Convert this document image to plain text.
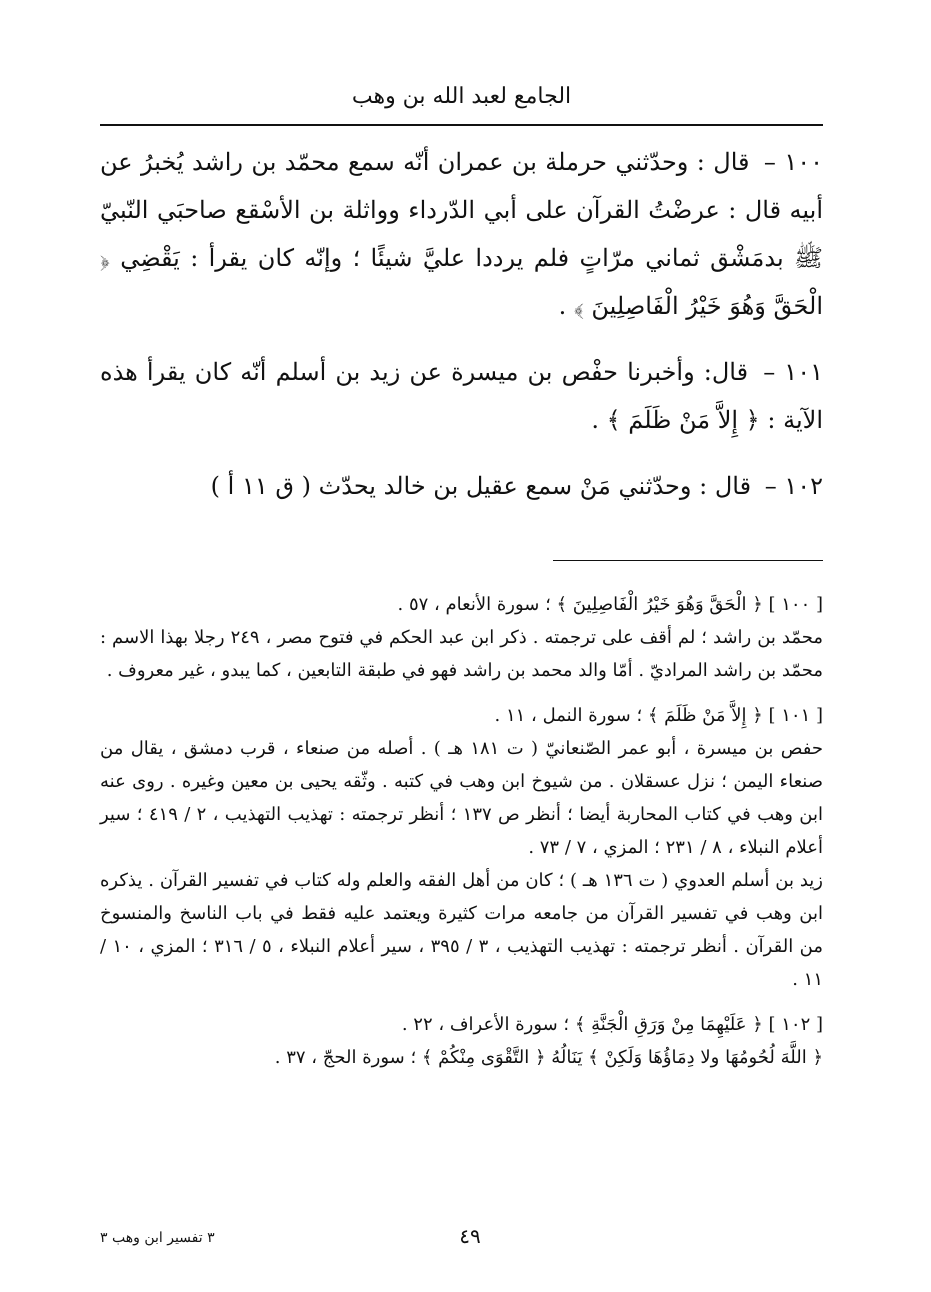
الجامع لعبد الله بن وهب

١٠٠ – قال : وحدّثني حرملة بن عمران أنّه سمع محمّد بن راشد يُخبرُ عن أبيه قال : عرضْتُ القرآن على أبي الدّرداء وواثلة بن الأسْقع صاحبَي النّبيّ ﷺ بدمَشْق ثماني مرّاتٍ فلم يرددا عليَّ شيئًا ؛ وإنّه كان يقرأ : يَقْضِي ﴿ الْحَقَّ وَهُوَ خَيْرُ الْفَاصِلِينَ ﴾ .

١٠١ – قال: وأخبرنا حفْص بن ميسرة عن زيد بن أسلم أنّه كان يقرأ هذه الآية : ﴿ إِلاَّ مَنْ ظَلَمَ ﴾ .

١٠٢ – قال : وحدّثني مَنْ سمع عقيل بن خالد يحدّث ( ق ١١ أ )

[ ١٠٠ ] ﴿ الْحَقَّ وَهُوَ خَيْرُ الْفَاصِلِينَ ﴾ ؛ سورة الأنعام ، ٥٧ .

محمّد بن راشد ؛ لم أقف على ترجمته . ذكر ابن عبد الحكم في فتوح مصر ، ٢٤٩ رجلا بهذا الاسم : محمّد بن راشد المراديّ . أمّا والد محمد بن راشد فهو في طبقة التابعين ، كما يبدو ، غير معروف .

[ ١٠١ ] ﴿ إِلاَّ مَنْ ظَلَمَ ﴾ ؛ سورة النمل ، ١١ .

حفص بن ميسرة ، أبو عمر الصّنعانيّ ( ت ١٨١ هـ ) . أصله من صنعاء ، قرب دمشق ، يقال من صنعاء اليمن ؛ نزل عسقلان . من شيوخ ابن وهب في كتبه . وثّقه يحيى بن معين وغيره . روى عنه ابن وهب في كتاب المحاربة أيضا ؛ أنظر ص ١٣٧ ؛ أنظر ترجمته : تهذيب التهذيب ، ٢ / ٤١٩ ؛ سير أعلام النبلاء ، ٨ / ٢٣١ ؛ المزي ، ٧ / ٧٣ .

زيد بن أسلم العدوي ( ت ١٣٦ هـ ) ؛ كان من أهل الفقه والعلم وله كتاب في تفسير القرآن . يذكره ابن وهب في تفسير القرآن من جامعه مرات كثيرة ويعتمد عليه فقط في باب الناسخ والمنسوخ من القرآن . أنظر ترجمته : تهذيب التهذيب ، ٣ / ٣٩٥ ، سير أعلام النبلاء ، ٥ / ٣١٦ ؛ المزي ، ١٠ / ١١ .

[ ١٠٢ ] ﴿ عَلَيْهِمَا مِنْ وَرَقِ الْجَنَّةِ ﴾ ؛ سورة الأعراف ، ٢٢ .

﴿ اللَّهَ لُحُومُهَا ولا دِمَاؤُهَا وَلَكِنْ ﴾ يَنَالُهُ ﴿ التَّقْوَى مِنْكُمْ ﴾ ؛ سورة الحجّ ، ٣٧ .

٤٩
٣ تفسير ابن وهب ٣
